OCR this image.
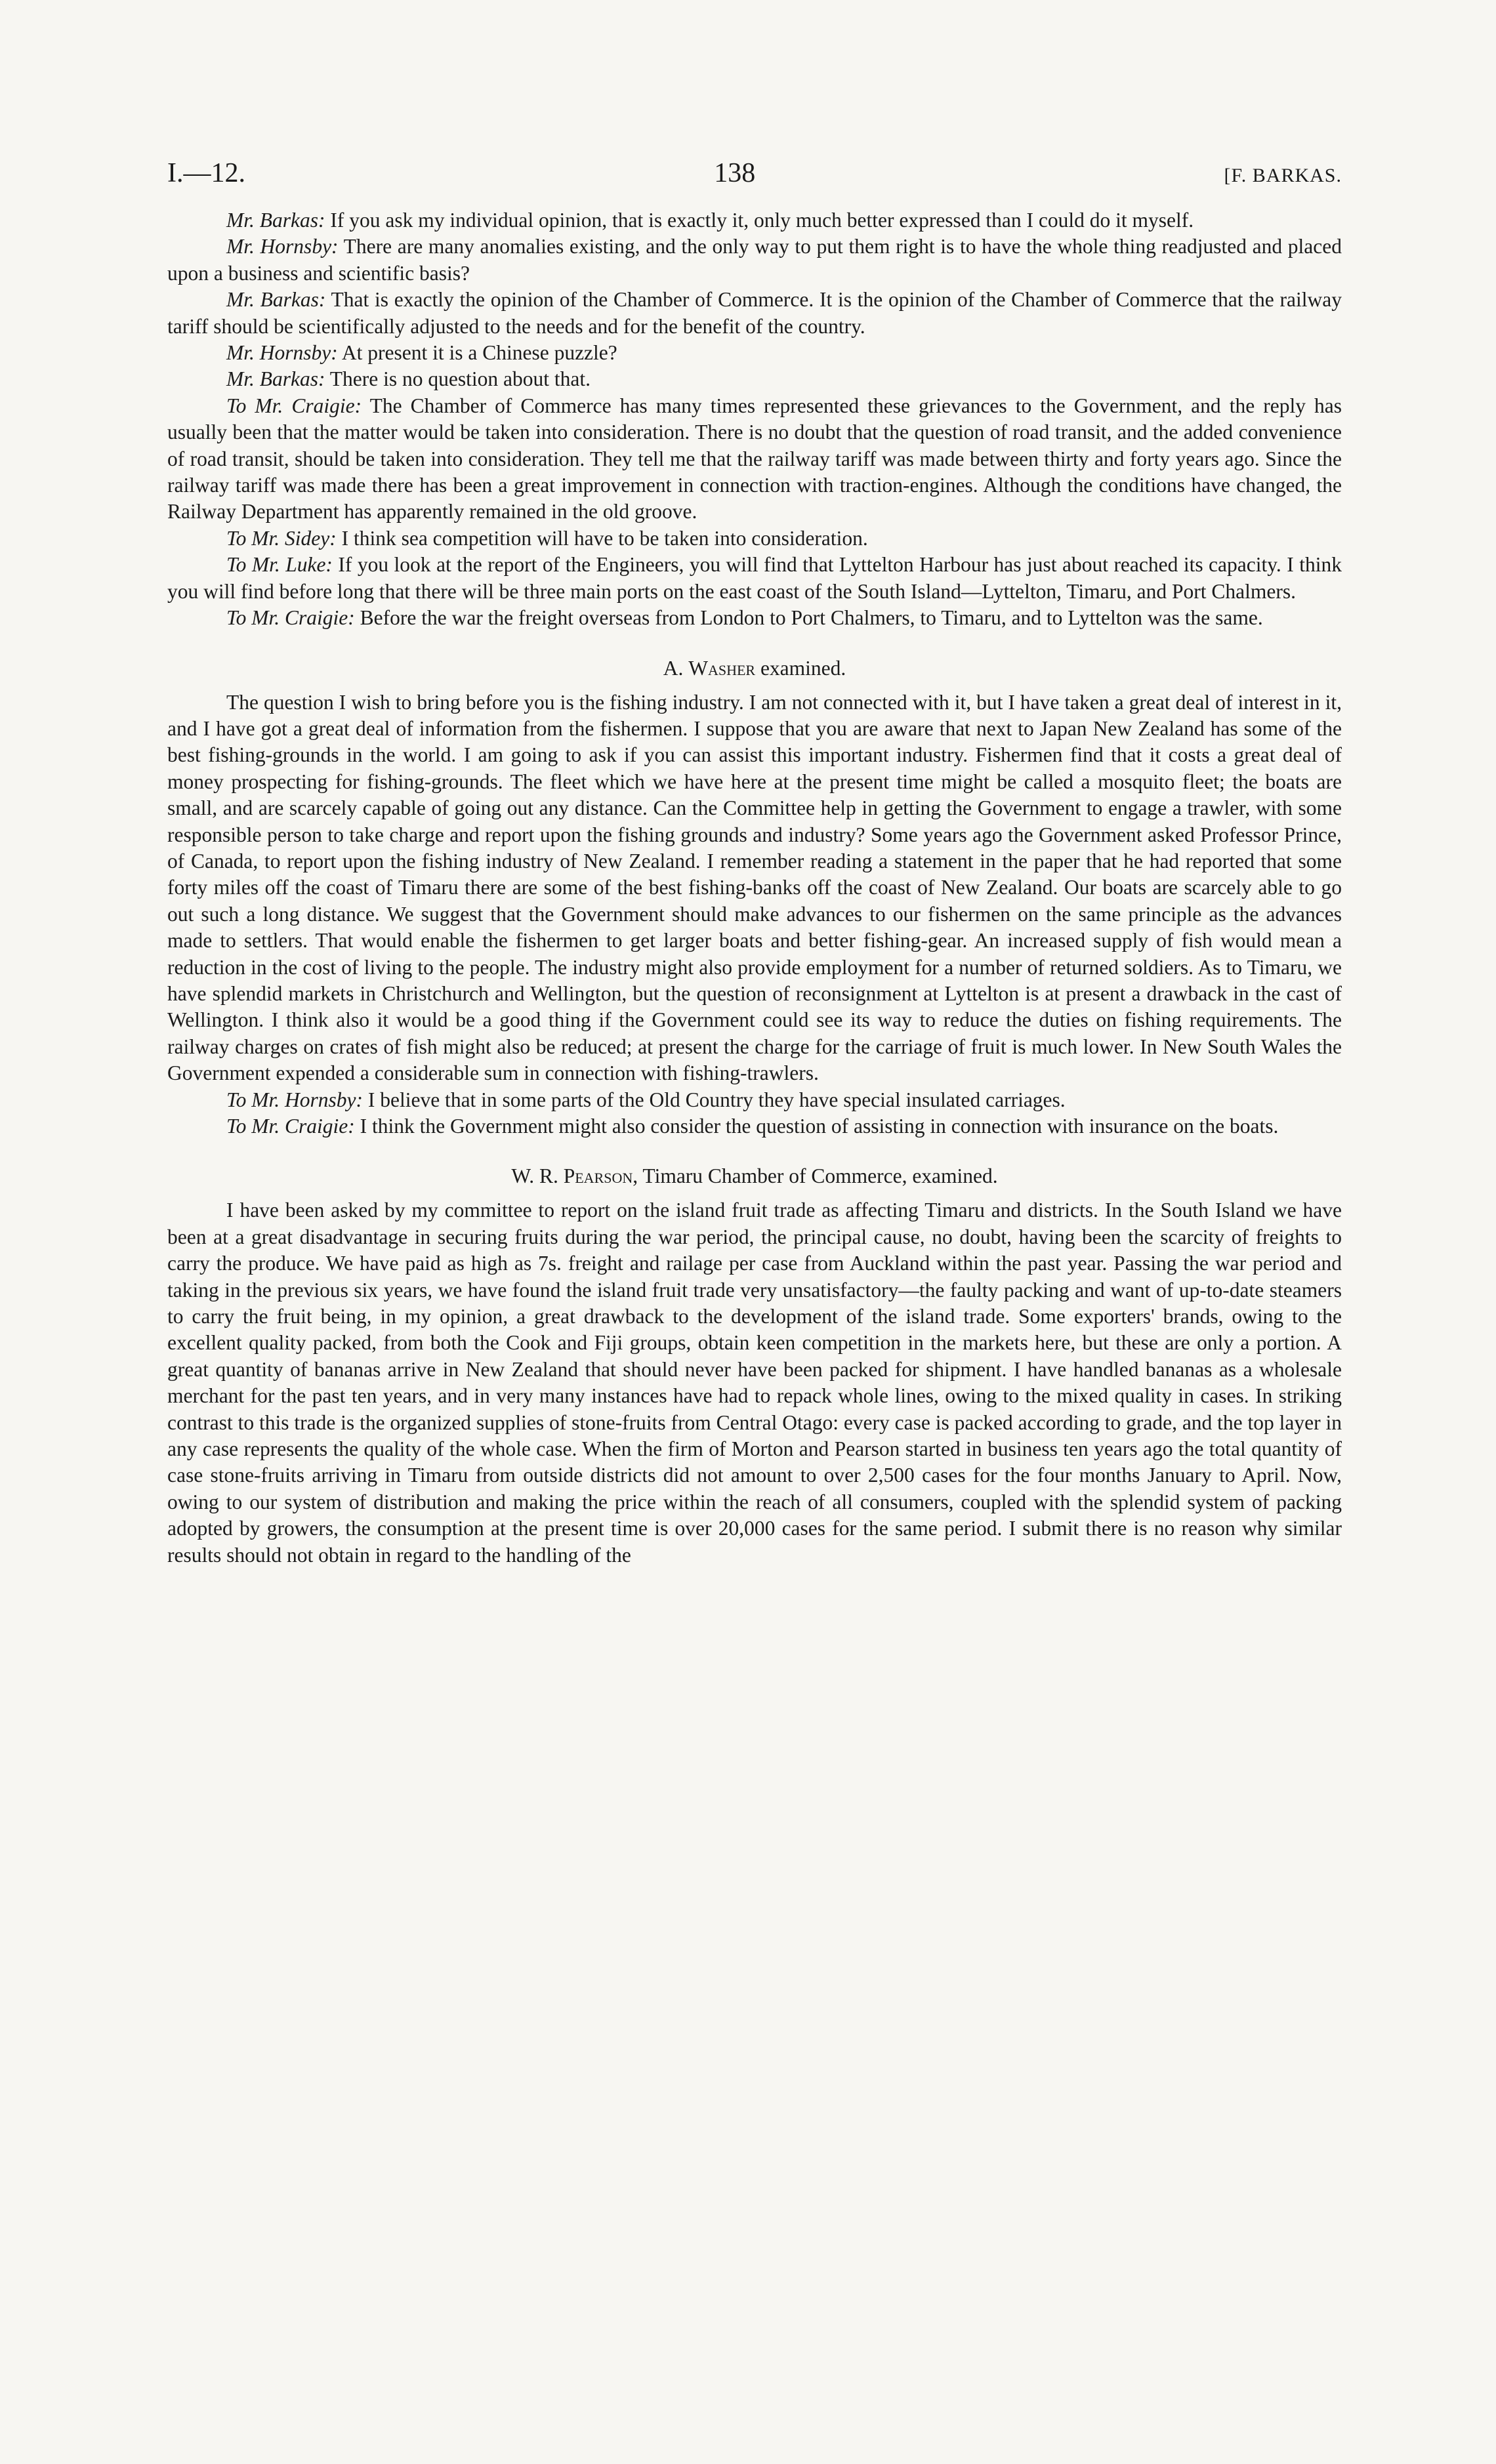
I.—12.	138	[F. BARKAS.

Mr. Barkas: If you ask my individual opinion, that is exactly it, only much better expressed than I could do it myself.

Mr. Hornsby: There are many anomalies existing, and the only way to put them right is to have the whole thing readjusted and placed upon a business and scientific basis?

Mr. Barkas: That is exactly the opinion of the Chamber of Commerce. It is the opinion of the Chamber of Commerce that the railway tariff should be scientifically adjusted to the needs and for the benefit of the country.

Mr. Hornsby: At present it is a Chinese puzzle?

Mr. Barkas: There is no question about that.

To Mr. Craigie: The Chamber of Commerce has many times represented these grievances to the Government, and the reply has usually been that the matter would be taken into consideration. There is no doubt that the question of road transit, and the added convenience of road transit, should be taken into consideration. They tell me that the railway tariff was made between thirty and forty years ago. Since the railway tariff was made there has been a great improvement in connection with traction-engines. Although the conditions have changed, the Railway Department has apparently remained in the old groove.

To Mr. Sidey: I think sea competition will have to be taken into consideration.

To Mr. Luke: If you look at the report of the Engineers, you will find that Lyttelton Harbour has just about reached its capacity. I think you will find before long that there will be three main ports on the east coast of the South Island—Lyttelton, Timaru, and Port Chalmers.

To Mr. Craigie: Before the war the freight overseas from London to Port Chalmers, to Timaru, and to Lyttelton was the same.

A. Washer examined.

The question I wish to bring before you is the fishing industry. I am not connected with it, but I have taken a great deal of interest in it, and I have got a great deal of information from the fishermen. I suppose that you are aware that next to Japan New Zealand has some of the best fishing-grounds in the world. I am going to ask if you can assist this important industry. Fishermen find that it costs a great deal of money prospecting for fishing-grounds. The fleet which we have here at the present time might be called a mosquito fleet; the boats are small, and are scarcely capable of going out any distance. Can the Committee help in getting the Government to engage a trawler, with some responsible person to take charge and report upon the fishing grounds and industry? Some years ago the Government asked Professor Prince, of Canada, to report upon the fishing industry of New Zealand. I remember reading a statement in the paper that he had reported that some forty miles off the coast of Timaru there are some of the best fishing-banks off the coast of New Zealand. Our boats are scarcely able to go out such a long distance. We suggest that the Government should make advances to our fishermen on the same principle as the advances made to settlers. That would enable the fishermen to get larger boats and better fishing-gear. An increased supply of fish would mean a reduction in the cost of living to the people. The industry might also provide employment for a number of returned soldiers. As to Timaru, we have splendid markets in Christchurch and Wellington, but the question of reconsignment at Lyttelton is at present a drawback in the cast of Wellington. I think also it would be a good thing if the Government could see its way to reduce the duties on fishing requirements. The railway charges on crates of fish might also be reduced; at present the charge for the carriage of fruit is much lower. In New South Wales the Government expended a considerable sum in connection with fishing-trawlers.

To Mr. Hornsby: I believe that in some parts of the Old Country they have special insulated carriages.

To Mr. Craigie: I think the Government might also consider the question of assisting in connection with insurance on the boats.

W. R. Pearson, Timaru Chamber of Commerce, examined.

I have been asked by my committee to report on the island fruit trade as affecting Timaru and districts. In the South Island we have been at a great disadvantage in securing fruits during the war period, the principal cause, no doubt, having been the scarcity of freights to carry the produce. We have paid as high as 7s. freight and railage per case from Auckland within the past year. Passing the war period and taking in the previous six years, we have found the island fruit trade very unsatisfactory—the faulty packing and want of up-to-date steamers to carry the fruit being, in my opinion, a great drawback to the development of the island trade. Some exporters' brands, owing to the excellent quality packed, from both the Cook and Fiji groups, obtain keen competition in the markets here, but these are only a portion. A great quantity of bananas arrive in New Zealand that should never have been packed for shipment. I have handled bananas as a wholesale merchant for the past ten years, and in very many instances have had to repack whole lines, owing to the mixed quality in cases. In striking contrast to this trade is the organized supplies of stone-fruits from Central Otago: every case is packed according to grade, and the top layer in any case represents the quality of the whole case. When the firm of Morton and Pearson started in business ten years ago the total quantity of case stone-fruits arriving in Timaru from outside districts did not amount to over 2,500 cases for the four months January to April. Now, owing to our system of distribution and making the price within the reach of all consumers, coupled with the splendid system of packing adopted by growers, the consumption at the present time is over 20,000 cases for the same period. I submit there is no reason why similar results should not obtain in regard to the handling of the
